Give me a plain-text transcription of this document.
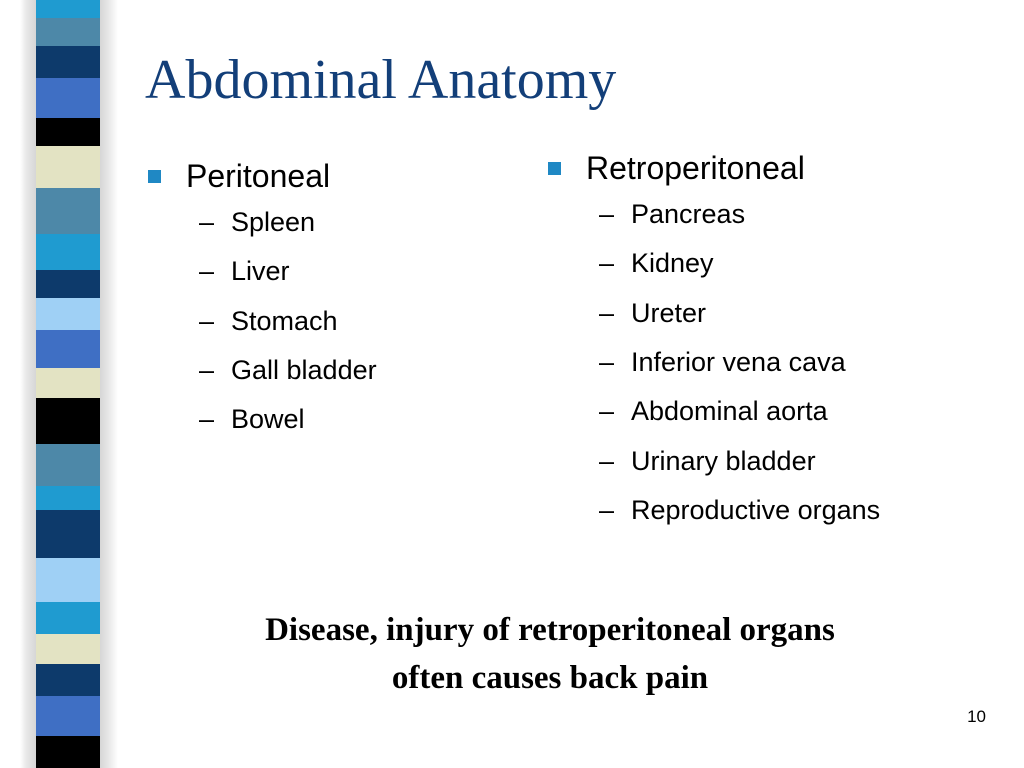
Abdominal Anatomy
Peritoneal
– Spleen
– Liver
– Stomach
– Gall bladder
– Bowel
Retroperitoneal
– Pancreas
– Kidney
– Ureter
– Inferior vena cava
– Abdominal aorta
– Urinary bladder
– Reproductive organs
Disease, injury of retroperitoneal organs
often causes back pain
10
